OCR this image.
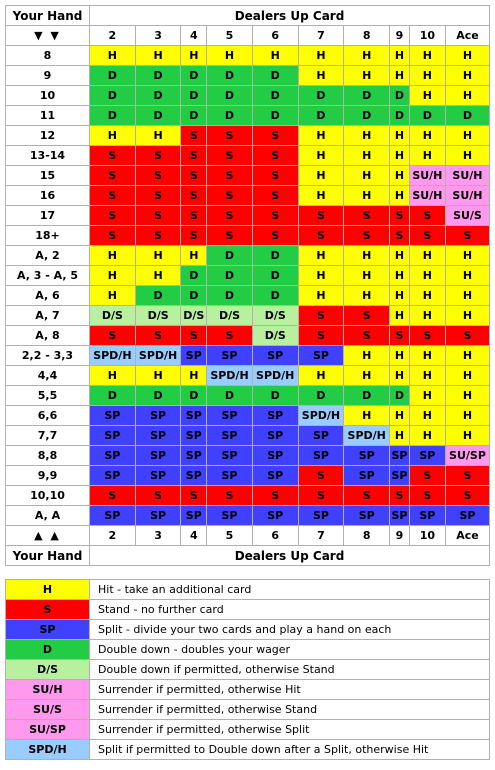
Your Hand	Dealers Up Card									
▼ ▼	2	3	4	5	6	7	8	9	10	Ace
8	H	H	H	H	H	H	H	H	H	H
9	D	D	D	D	D	H	H	H	H	H
10	D	D	D	D	D	D	D	D	H	H
11	D	D	D	D	D	D	D	D	D	D
12	H	H	S	S	S	H	H	H	H	H
13-14	S	S	S	S	S	H	H	H	H	H
15	S	S	S	S	S	H	H	H	SU/H	SU/H
16	S	S	S	S	S	H	H	H	SU/H	SU/H
17	S	S	S	S	S	S	S	S	S	SU/S
18+	S	S	S	S	S	S	S	S	S	S
A, 2	H	H	H	D	D	H	H	H	H	H
A, 3 - A, 5	H	H	D	D	D	H	H	H	H	H
A, 6	H	D	D	D	D	H	H	H	H	H
A, 7	D/S	D/S	D/S	D/S	D/S	S	S	H	H	H
A, 8	S	S	S	S	D/S	S	S	S	S	S
2,2 - 3,3	SPD/H	SPD/H	SP	SP	SP	SP	H	H	H	H
4,4	H	H	H	SPD/H	SPD/H	H	H	H	H	H
5,5	D	D	D	D	D	D	D	D	H	H
6,6	SP	SP	SP	SP	SP	SPD/H	H	H	H	H
7,7	SP	SP	SP	SP	SP	SP	SPD/H	H	H	H
8,8	SP	SP	SP	SP	SP	SP	SP	SP	SP	SU/SP
9,9	SP	SP	SP	SP	SP	S	SP	SP	S	S
10,10	S	S	S	S	S	S	S	S	S	S
A, A	SP	SP	SP	SP	SP	SP	SP	SP	SP	SP
▲ ▲	2	3	4	5	6	7	8	9	10	Ace
Your Hand	Dealers Up Card									
H	Hit - take an additional card
S	Stand - no further card
SP	Split - divide your two cards and play a hand on each
D	Double down - doubles your wager
D/S	Double down if permitted, otherwise Stand
SU/H	Surrender if permitted, otherwise Hit
SU/S	Surrender if permitted, otherwise Stand
SU/SP	Surrender if permitted, otherwise Split
SPD/H	Split if permitted to Double down after a Split, otherwise Hit
